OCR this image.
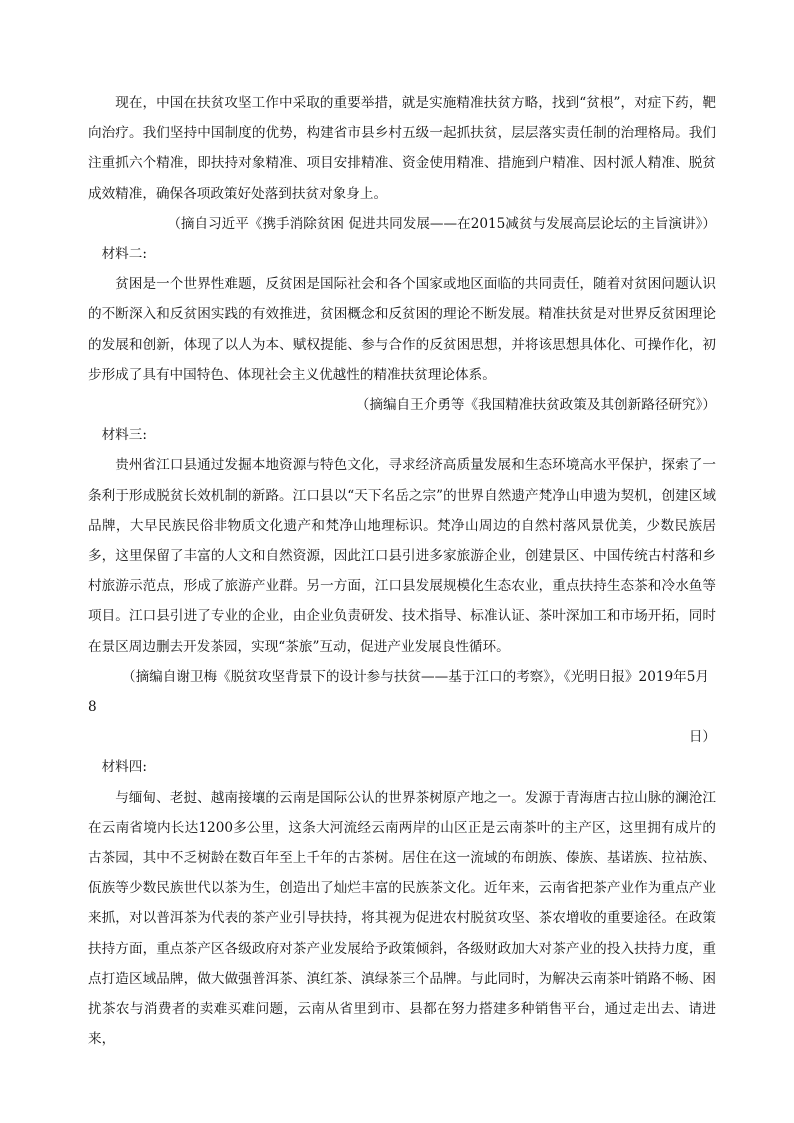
现在，中国在扶贫攻坚工作中采取的重要举措，就是实施精准扶贫方略，找到“贫根”，对症下药，靶向治疗。我们坚持中国制度的优势，构建省市县乡村五级一起抓扶贫，层层落实责任制的治理格局。我们注重抓六个精准，即扶持对象精准、项目安排精准、资金使用精准、措施到户精准、因村派人精准、脱贫成效精准，确保各项政策好处落到扶贫对象身上。

（摘自习近平《携手消除贫困 促进共同发展——在2015减贫与发展高层论坛的主旨演讲》）

材料二:

贫困是一个世界性难题，反贫困是国际社会和各个国家或地区面临的共同责任，随着对贫困问题认识的不断深入和反贫困实践的有效推进，贫困概念和反贫困的理论不断发展。精准扶贫是对世界反贫困理论的发展和创新，体现了以人为本、赋权提能、参与合作的反贫困思想，并将该思想具体化、可操作化，初步形成了具有中国特色、体现社会主义优越性的精准扶贫理论体系。

（摘编自王介勇等《我国精准扶贫政策及其创新路径研究》）

材料三:

贵州省江口县通过发掘本地资源与特色文化，寻求经济高质量发展和生态环境高水平保护，探索了一条利于形成脱贫长效机制的新路。江口县以“天下名岳之宗”的世界自然遗产梵净山申遗为契机，创建区域品牌，大早民族民俗非物质文化遗产和梵净山地理标识。梵净山周边的自然村落风景优美，少数民族居多，这里保留了丰富的人文和自然资源，因此江口县引进多家旅游企业，创建景区、中国传统古村落和乡村旅游示范点，形成了旅游产业群。另一方面，江口县发展规模化生态农业，重点扶持生态茶和冷水鱼等项目。江口县引进了专业的企业，由企业负责研发、技术指导、标准认证、茶叶深加工和市场开拓，同时在景区周边删去开发茶园，实现“茶旅”互动，促进产业发展良性循环。

（摘编自谢卫梅《脱贫攻坚背景下的设计参与扶贫——基于江口的考察》，《光明日报》2019年5月8

日）

材料四:

与缅甸、老挝、越南接壤的云南是国际公认的世界茶树原产地之一。发源于青海唐古拉山脉的澜沧江在云南省境内长达1200多公里，这条大河流经云南两岸的山区正是云南茶叶的主产区，这里拥有成片的古茶园，其中不乏树龄在数百年至上千年的古茶树。居住在这一流域的布朗族、傣族、基诺族、拉祜族、佤族等少数民族世代以茶为生，创造出了灿烂丰富的民族茶文化。近年来，云南省把茶产业作为重点产业来抓，对以普洱茶为代表的茶产业引导扶持，将其视为促进农村脱贫攻坚、茶农增收的重要途径。在政策扶持方面，重点茶产区各级政府对茶产业发展给予政策倾斜，各级财政加大对茶产业的投入扶持力度，重点打造区域品牌，做大做强普洱茶、滇红茶、滇绿茶三个品牌。与此同时，为解决云南茶叶销路不畅、困扰茶农与消费者的卖难买难问题，云南从省里到市、县都在努力搭建多种销售平台，通过走出去、请进来，
